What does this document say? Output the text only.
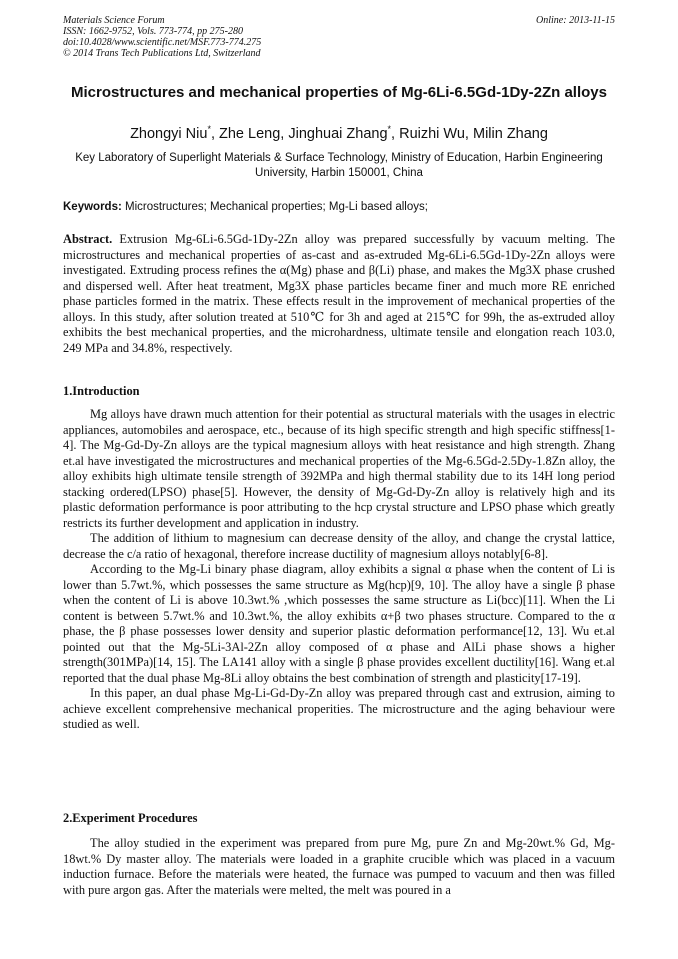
Materials Science Forum
ISSN: 1662-9752, Vols. 773-774, pp 275-280
doi:10.4028/www.scientific.net/MSF.773-774.275
© 2014 Trans Tech Publications Ltd, Switzerland
Online: 2013-11-15
Microstructures and mechanical properties of Mg-6Li-6.5Gd-1Dy-2Zn alloys
Zhongyi Niu*, Zhe Leng, Jinghuai Zhang*, Ruizhi Wu, Milin Zhang
Key Laboratory of Superlight Materials & Surface Technology, Ministry of Education, Harbin Engineering University, Harbin 150001, China
Keywords: Microstructures; Mechanical properties; Mg-Li based alloys;

Abstract. Extrusion Mg-6Li-6.5Gd-1Dy-2Zn alloy was prepared successfully by vacuum melting. The microstructures and mechanical properties of as-cast and as-extruded Mg-6Li-6.5Gd-1Dy-2Zn alloys were investigated. Extruding process refines the α(Mg) phase and β(Li) phase, and makes the Mg3X phase crushed and dispersed well. After heat treatment, Mg3X phase particles became finer and much more RE enriched phase particles formed in the matrix. These effects result in the improvement of mechanical properties of the alloys. In this study, after solution treated at 510℃ for 3h and aged at 215℃ for 99h, the as-extruded alloy exhibits the best mechanical properties, and the microhardness, ultimate tensile and elongation reach 103.0, 249 MPa and 34.8%, respectively.

1.Introduction

Mg alloys have drawn much attention for their potential as structural materials with the usages in electric appliances, automobiles and aerospace, etc., because of its high specific strength and high specific stiffness[1-4]. The Mg-Gd-Dy-Zn alloys are the typical magnesium alloys with heat resistance and high strength. Zhang et.al have investigated the microstructures and mechanical properties of the Mg-6.5Gd-2.5Dy-1.8Zn alloy, the alloy exhibits high ultimate tensile strength of 392MPa and high thermal stability due to its 14H long period stacking ordered(LPSO) phase[5]. However, the density of Mg-Gd-Dy-Zn alloy is relatively high and its plastic deformation performance is poor attributing to the hcp crystal structure and LPSO phase which greatly restricts its further development and application in industry.

The addition of lithium to magnesium can decrease density of the alloy, and change the crystal lattice, decrease the c/a ratio of hexagonal, therefore increase ductility of magnesium alloys notably[6-8].

According to the Mg-Li binary phase diagram, alloy exhibits a signal α phase when the content of Li is lower than 5.7wt.%, which possesses the same structure as Mg(hcp)[9, 10]. The alloy have a single β phase when the content of Li is above 10.3wt.% ,which possesses the same structure as Li(bcc)[11]. When the Li content is between 5.7wt.% and 10.3wt.%, the alloy exhibits α+β two phases structure. Compared to the α phase, the β phase possesses lower density and superior plastic deformation performance[12, 13]. Wu et.al pointed out that the Mg-5Li-3Al-2Zn alloy composed of α phase and AlLi phase shows a higher strength(301MPa)[14, 15]. The LA141 alloy with a single β phase provides excellent ductility[16]. Wang et.al reported that the dual phase Mg-8Li alloy obtains the best combination of strength and plasticity[17-19].

In this paper, an dual phase Mg-Li-Gd-Dy-Zn alloy was prepared through cast and extrusion, aiming to achieve excellent comprehensive mechanical properities. The microstructure and the aging behaviour were studied as well.

2.Experiment Procedures

The alloy studied in the experiment was prepared from pure Mg, pure Zn and Mg-20wt.% Gd, Mg-18wt.% Dy master alloy. The materials were loaded in a graphite crucible which was placed in a vacuum induction furnace. Before the materials were heated, the furnace was pumped to vacuum and then was filled with pure argon gas. After the materials were melted, the melt was poured in a
